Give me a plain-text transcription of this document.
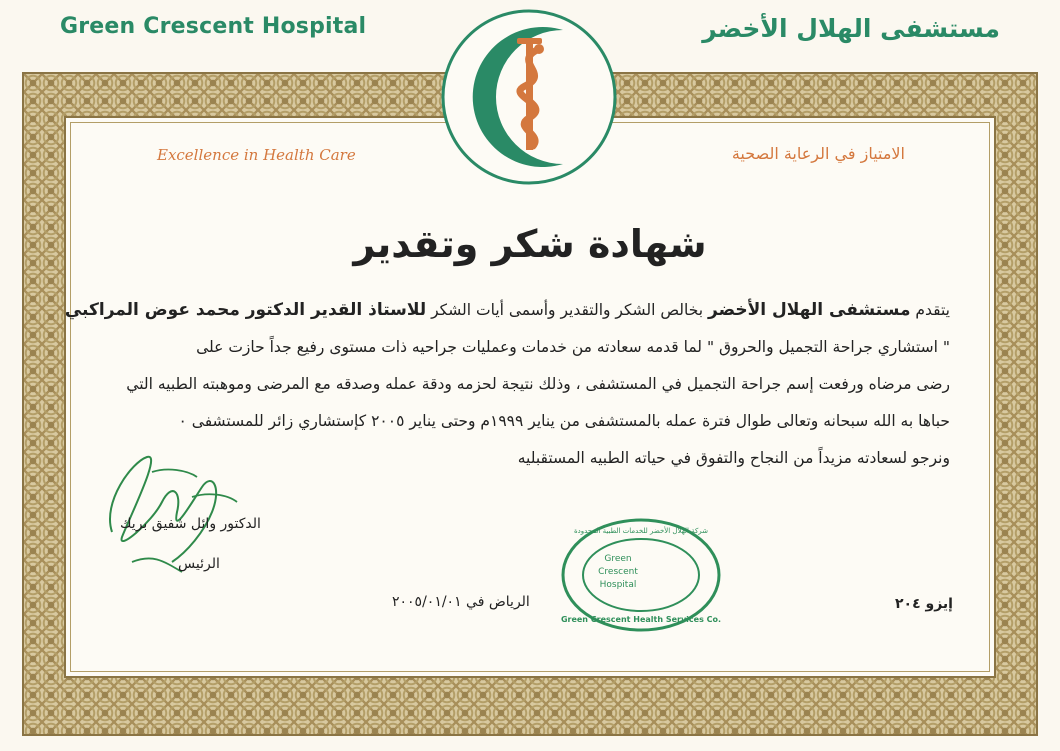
Green Crescent Hospital	مستشفى الهلال الأخضر
Excellence in Health Care	الامتياز في الرعاية الصحية
شهادة شكر وتقدير
يتقدم مستشفى الهلال الأخضر بخالص الشكر والتقدير وأسمى أيات الشكر للاستاذ القدير الدكتور محمد عوض المراكبي
" استشاري جراحة التجميل والحروق " لما قدمه سعادته من خدمات وعمليات جراحيه ذات مستوى رفيع جداً حازت على
رضى مرضاه ورفعت إسم جراحة التجميل في المستشفى ، وذلك نتيجة لحزمه ودقة عمله وصدقه مع المرضى وموهبته الطبيه التي
حباها به الله سبحانه وتعالى طوال فترة عمله بالمستشفى من يناير ١٩٩٩م وحتى يناير ٢٠٠٥ كإستشاري زائر للمستشفى ٠
ونرجو لسعادته مزيداً من النجاح والتفوق في حياته الطبيه المستقبليه
الدكتور وائل شفيق بريك
الرئيس
الرياض في ٢٠٠٥/٠١/٠١	إيزو ٢٠٤
شركة الهلال الأخضر للخدمات الطبية المحدودة
Green
Crescent
Hospital
Green Crescent Health Services Co.
